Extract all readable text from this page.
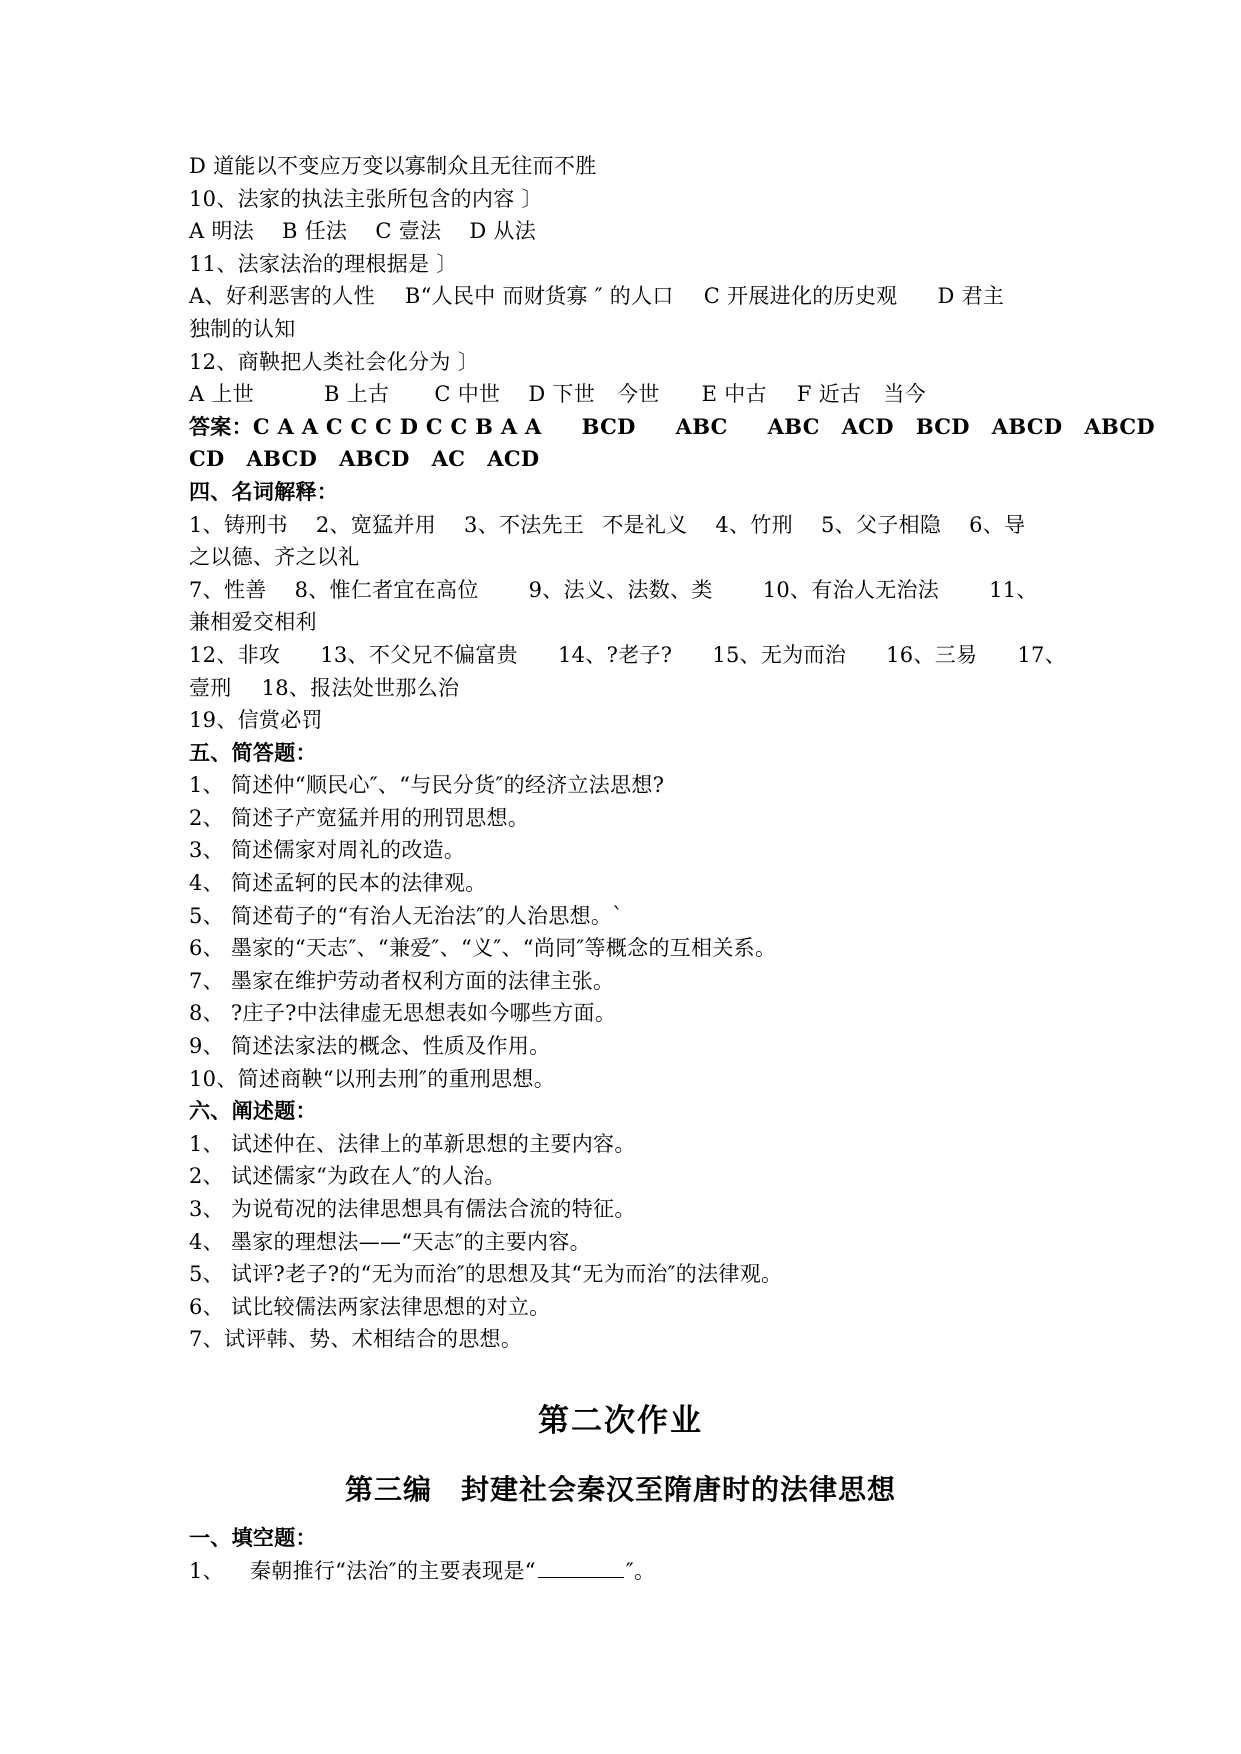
D 道能以不变应万变以寡制众且无往而不胜
10、法家的执法主张所包含的内容 〕
A 明法 B 任法 C 壹法 D 从法
11、法家法治的理根据是 〕
A、好利恶害的人性 B“人民中 而财货寡 ″ 的人口 C 开展进化的历史观 D 君主
独制的认知
12、商鞅把人类社会化分为 〕
A 上世	B 上古 C 中世 D 下世 今世 E 中古 F 近古 当今
答案：C A A C C C D C C B A A BCD ABC ABC ACD BCD ABCD ABCD
CD ABCD ABCD AC ACD
四、名词解释：
1、铸刑书 2、宽猛并用 3、不法先王 不是礼义 4、竹刑 5、父子相隐 6、导
之以德、齐之以礼
7、性善 8、惟仁者宜在高位 9、法义、法数、类 10、有治人无治法 11、
兼相爱交相利
12、非攻 13、不父兄不偏富贵 14、?老子? 15、无为而治 16、三易 17、
壹刑 18、报法处世那么治
19、信赏必罚
五、简答题：
1、 简述仲“顺民心″、“与民分货″的经济立法思想?
2、 简述子产宽猛并用的刑罚思想。
3、 简述儒家对周礼的改造。
4、 简述孟轲的民本的法律观。
5、 简述荀子的“有治人无治法″的人治思想。`
6、 墨家的“天志″、“兼爱″、“义″、“尚同″等概念的互相关系。
7、 墨家在维护劳动者权利方面的法律主张。
8、 ?庄子?中法律虚无思想表如今哪些方面。
9、 简述法家法的概念、性质及作用。
10、简述商鞅“以刑去刑″的重刑思想。
六、阐述题：
1、 试述仲在、法律上的革新思想的主要内容。
2、 试述儒家“为政在人″的人治。
3、 为说荀况的法律思想具有儒法合流的特征。
4、 墨家的理想法——“天志″的主要内容。
5、 试评?老子?的“无为而治″的思想及其“无为而治″的法律观。
6、 试比较儒法两家法律思想的对立。
7、试评韩、势、术相结合的思想。
第二次作业
第三编　封建社会秦汉至隋唐时的法律思想
一、填空题：
1、 秦朝推行“法治″的主要表现是“	″。
